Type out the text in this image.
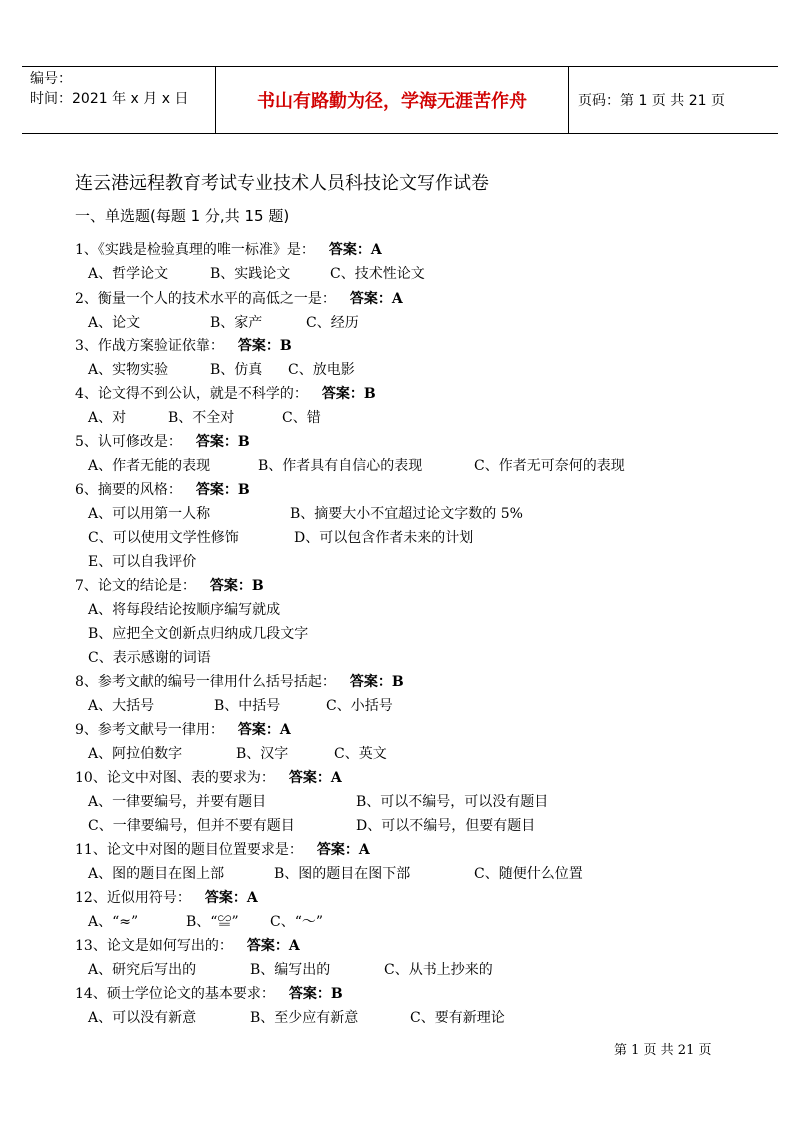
编号：
时间：2021 年 x 月 x 日	书山有路勤为径，学海无涯苦作舟	页码：第 1 页 共 21 页
连云港远程教育考试专业技术人员科技论文写作试卷
一、单选题(每题 1 分,共 15 题)
1、《实践是检验真理的唯一标准》是： 答案：A
A、哲学论文	B、实践论文	C、技术性论文
2、衡量一个人的技术水平的高低之一是： 答案：A
A、论文	B、家产	C、经历
3、作战方案验证依靠： 答案：B
A、实物实验	B、仿真 C、放电影
4、论文得不到公认，就是不科学的： 答案：B
A、对	B、不全对	C、错
5、认可修改是： 答案：B
A、作者无能的表现	B、作者具有自信心的表现	C、作者无可奈何的表现
6、摘要的风格： 答案：B
A、可以用第一人称	B、摘要大小不宜超过论文字数的 5%
C、可以使用文学性修饰	D、可以包含作者未来的计划
E、可以自我评价
7、论文的结论是： 答案：B
A、将每段结论按顺序编写就成
B、应把全文创新点归纳成几段文字
C、表示感谢的词语
8、参考文献的编号一律用什么括号括起： 答案：B
A、大括号	B、中括号	C、小括号
9、参考文献号一律用： 答案：A
A、阿拉伯数字	B、汉字	C、英文
10、论文中对图、表的要求为： 答案：A
A、一律要编号，并要有题目	B、可以不编号，可以没有题目
C、一律要编号，但并不要有题目	D、可以不编号，但要有题目
11、论文中对图的题目位置要求是： 答案：A
A、图的题目在图上部	B、图的题目在图下部	C、随便什么位置
12、近似用符号： 答案：A
A、“≈”	B、“≌” C、“～”
13、论文是如何写出的： 答案：A
A、研究后写出的	B、编写出的	C、从书上抄来的
14、硕士学位论文的基本要求： 答案：B
A、可以没有新意	B、至少应有新意	C、要有新理论
第 1 页 共 21 页
